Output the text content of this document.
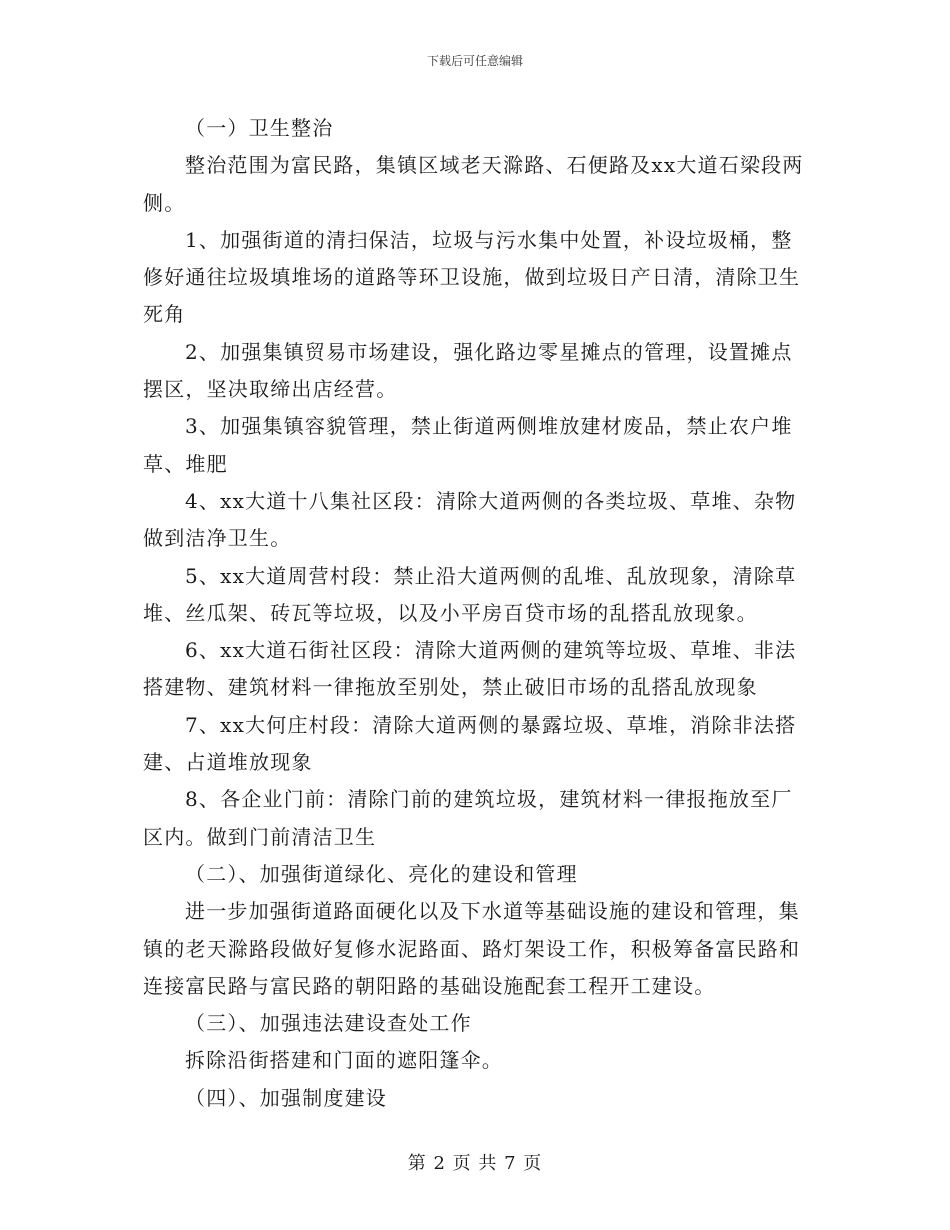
下载后可任意编辑

（一）卫生整治

整治范围为富民路，集镇区域老天滁路、石便路及xx大道石梁段两侧。

1、加强街道的清扫保洁，垃圾与污水集中处置，补设垃圾桶，整修好通往垃圾填堆场的道路等环卫设施，做到垃圾日产日清，清除卫生死角

2、加强集镇贸易市场建设，强化路边零星摊点的管理，设置摊点摆区，坚决取缔出店经营。

3、加强集镇容貌管理，禁止街道两侧堆放建材废品，禁止农户堆草、堆肥

4、xx大道十八集社区段：清除大道两侧的各类垃圾、草堆、杂物做到洁净卫生。

5、xx大道周营村段：禁止沿大道两侧的乱堆、乱放现象，清除草堆、丝瓜架、砖瓦等垃圾，以及小平房百贷市场的乱搭乱放现象。

6、xx大道石街社区段：清除大道两侧的建筑等垃圾、草堆、非法搭建物、建筑材料一律拖放至别处，禁止破旧市场的乱搭乱放现象

7、xx大何庄村段：清除大道两侧的暴露垃圾、草堆，消除非法搭建、占道堆放现象

8、各企业门前：清除门前的建筑垃圾，建筑材料一律报拖放至厂区内。做到门前清洁卫生

（二）、加强街道绿化、亮化的建设和管理

进一步加强街道路面硬化以及下水道等基础设施的建设和管理，集镇的老天滁路段做好复修水泥路面、路灯架设工作，积极筹备富民路和连接富民路与富民路的朝阳路的基础设施配套工程开工建设。

（三）、加强违法建设查处工作

拆除沿街搭建和门面的遮阳篷伞。

（四）、加强制度建设

第 2 页 共 7 页
